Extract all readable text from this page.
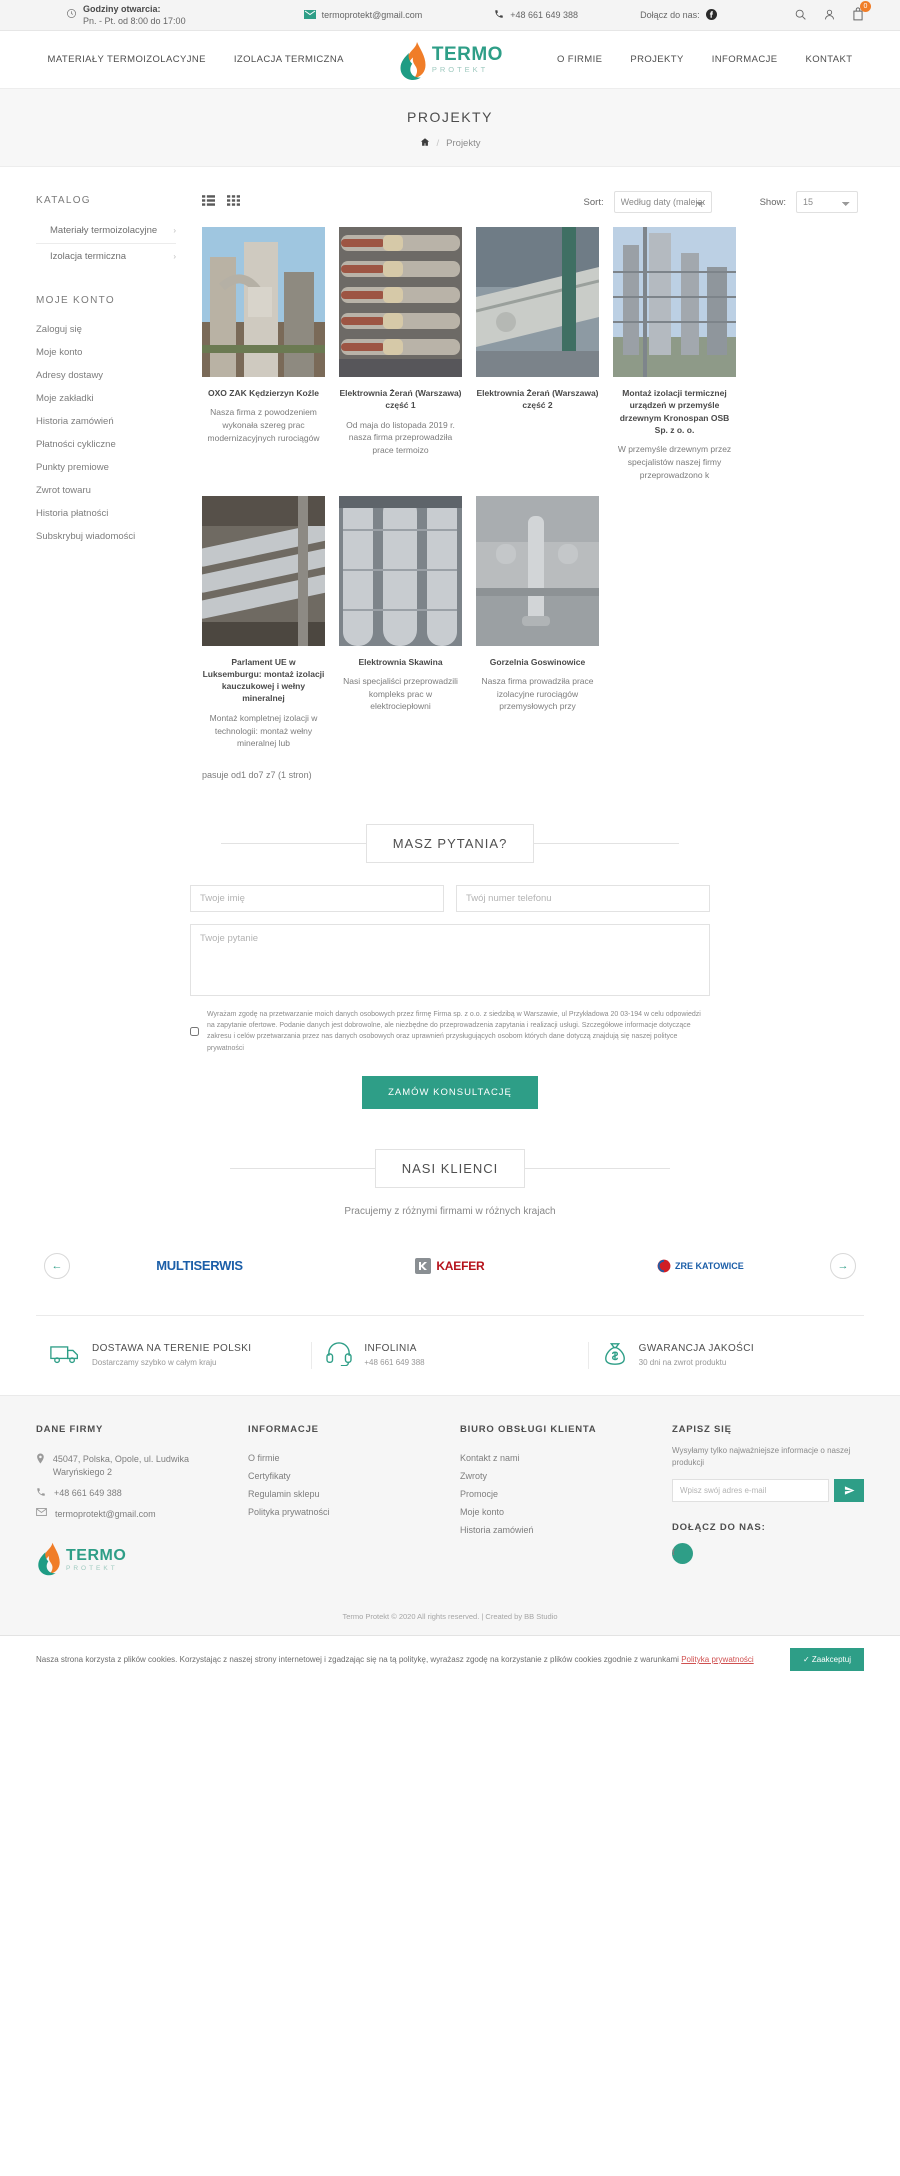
Godziny otwarcia:
Pn. - Pt. od 8:00 do 17:00
termoprotekt@gmail.com	+48 661 649 388	Dołącz do nas:
0
MATERIAŁY TERMOIZOLACYJNE	IZOLACJA TERMICZNA	TERMO
PROTEKT
O FIRMIE	PROJEKTY	INFORMACJE	KONTAKT
PROJEKTY
/ Projekty
KATALOG
Materiały termoizolacyjne ›
Izolacja termiczna	›
MOJE KONTO
Zaloguj się
Moje konto
Adresy dostawy
Moje zakładki
Historia zamówień
Płatności cykliczne
Punkty premiowe
Zwrot towaru
Historia płatności
Subskrybuj wiadomości
Sort:
Według daty (malejąco)	Show:
15
OXO ZAK Kędzierzyn Koźle
Nasza firma z powodzeniem wykonała szereg prac modernizacyjnych rurociągów
Elektrownia Żerań (Warszawa) część 1
Od maja do listopada 2019 r. nasza firma przeprowadziła prace termoizo
Elektrownia Żerań (Warszawa) część 2
Montaż izolacji termicznej urządzeń w przemyśle drzewnym Kronospan OSB Sp. z o. o.
W przemyśle drzewnym przez specjalistów naszej firmy przeprowadzono k
Parlament UE w Luksemburgu: montaż izolacji kauczukowej i wełny mineralnej
Montaż kompletnej izolacji w technologii: montaż wełny mineralnej lub
Elektrownia Skawina
Nasi specjaliści przeprowadzili kompleks prac w elektrociepłowni
Gorzelnia Goswinowice
Nasza firma prowadziła prace izolacyjne rurociągów przemysłowych przy
pasuje od1 do7 z7 (1 stron)
MASZ PYTANIA?
Twoje imię
Twój numer telefonu
Twoje pytanie
Wyrażam zgodę na przetwarzanie moich danych osobowych przez firmę Firma sp. z o.o. z siedzibą w Warszawie, ul Przykładowa 20 03-194 w celu odpowiedzi na zapytanie ofertowe. Podanie danych jest dobrowolne, ale niezbędne do przeprowadzenia zapytania i realizacji usługi. Szczegółowe informacje dotyczące zakresu i celów przetwarzania przez nas danych osobowych oraz uprawnień przysługujących osobom których dane dotyczą znajdują się naszej polityce prywatności
ZAMÓW KONSULTACJĘ
NASI KLIENCI
Pracujemy z różnymi firmami w różnych krajach
←	MULTISERWIS	KAEFER	ZRE KATOWICE	→
DOSTAWA NA TERENIE POLSKI
Dostarczamy szybko w całym kraju
INFOLINIA
+48 661 649 388
GWARANCJA JAKOŚCI
30 dni na zwrot produktu
DANE FIRMY
45047, Polska, Opole, ul. Ludwika Waryńskiego 2
+48 661 649 388
termoprotekt@gmail.com
TERMO
PROTEKT
INFORMACJE
O firmie
Certyfikaty
Regulamin sklepu
Polityka prywatności
BIURO OBSŁUGI KLIENTA
Kontakt z nami
Zwroty
Promocje
Moje konto
Historia zamówień
ZAPISZ SIĘ
Wysyłamy tylko najważniejsze informacje o naszej produkcji
Wpisz swój adres e-mail
DOŁĄCZ DO NAS:
f
Termo Protekt © 2020 All rights reserved. | Created by BB Studio
Nasza strona korzysta z plików cookies. Korzystając z naszej strony internetowej i zgadzając się na tą politykę, wyrażasz zgodę na korzystanie z plików cookies zgodnie z warunkami Polityka prywatności	✓ Zaakceptuj
